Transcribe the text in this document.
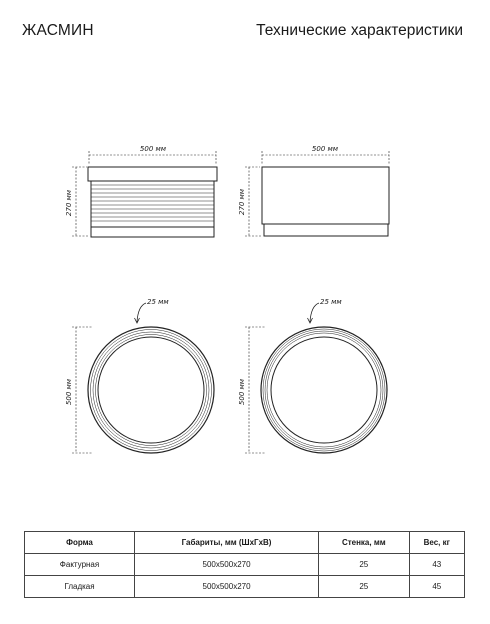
ЖАСМИН	Технические характеристики
500 мм
270 мм
500 мм
270 мм
25 мм
500 мм
25 мм
500 мм
Форма	Габариты, мм (ШхГхВ)	Стенка, мм	Вес, кг
Фактурная	500x500x270	25	43
Гладкая	500x500x270	25	45
